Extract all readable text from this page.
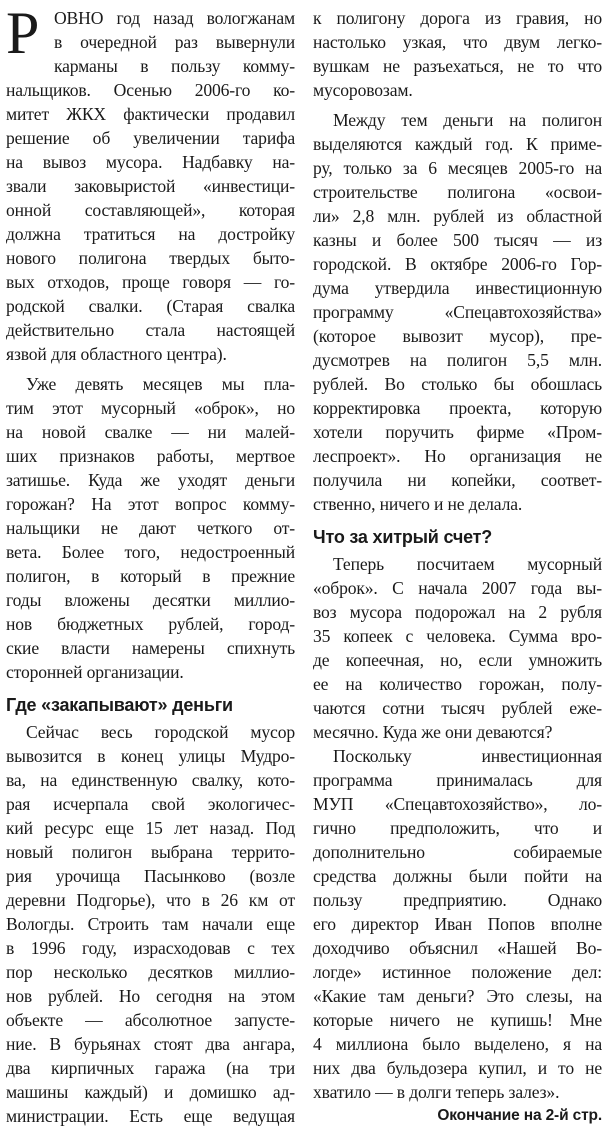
Р ОВНО год назад вологжанам
в очередной раз вывернули
карманы в пользу комму-
нальщиков. Осенью 2006-го ко-
митет ЖКХ фактически продавил
решение об увеличении тарифа
на вывоз мусора. Надбавку на-
звали заковыристой «инвестици-
онной составляющей», которая
должна тратиться на достройку
нового полигона твердых быто-
вых отходов, проще говоря — го-
родской свалки. (Старая свалка
действительно стала настоящей
язвой для областного центра).
Уже девять месяцев мы пла-
тим этот мусорный «оброк», но
на новой свалке — ни малей-
ших признаков работы, мертвое
затишье. Куда же уходят деньги
горожан? На этот вопрос комму-
нальщики не дают четкого от-
вета. Более того, недостроенный
полигон, в который в прежние
годы вложены десятки миллио-
нов бюджетных рублей, город-
ские власти намерены спихнуть
сторонней организации.
Где «закапывают» деньги
Сейчас весь городской мусор
вывозится в конец улицы Мудро-
ва, на единственную свалку, кото-
рая исчерпала свой экологичес-
кий ресурс еще 15 лет назад. Под
новый полигон выбрана террито-
рия урочища Пасынково (возле
деревни Подгорье), что в 26 км от
Вологды. Строить там начали еще
в 1996 году, израсходовав с тех
пор несколько десятков миллио-
нов рублей. Но сегодня на этом
объекте — абсолютное запусте-
ние. В бурьянах стоят два ангара,
два кирпичных гаража (на три
машины каждый) и домишко ад-
министрации. Есть еще ведущая
к полигону дорога из гравия, но
настолько узкая, что двум легко-
вушкам не разъехаться, не то что
мусоровозам.
Между тем деньги на полигон
выделяются каждый год. К приме-
ру, только за 6 месяцев 2005-го на
строительстве полигона «освои-
ли» 2,8 млн. рублей из областной
казны и более 500 тысяч — из
городской. В октябре 2006-го Гор-
дума утвердила инвестиционную
программу «Спецавтохозяйства»
(которое вывозит мусор), пре-
дусмотрев на полигон 5,5 млн.
рублей. Во столько бы обошлась
корректировка проекта, которую
хотели поручить фирме «Пром-
леспроект». Но организация не
получила ни копейки, соответ-
ственно, ничего и не делала.
Что за хитрый счет?
Теперь посчитаем мусорный
«оброк». С начала 2007 года вы-
воз мусора подорожал на 2 рубля
35 копеек с человека. Сумма вро-
де копеечная, но, если умножить
ее на количество горожан, полу-
чаются сотни тысяч рублей еже-
месячно. Куда же они деваются?
Поскольку инвестиционная
программа принималась для
МУП «Спецавтохозяйство», ло-
гично предположить, что и
дополнительно собираемые
средства должны были пойти на
пользу предприятию. Однако
его директор Иван Попов вполне
доходчиво объяснил «Нашей Во-
логде» истинное положение дел:
«Какие там деньги? Это слезы, на
которые ничего не купишь! Мне
4 миллиона было выделено, я на
них два бульдозера купил, и то не
хватило — в долги теперь залез».
Окончание на 2-й стр.
